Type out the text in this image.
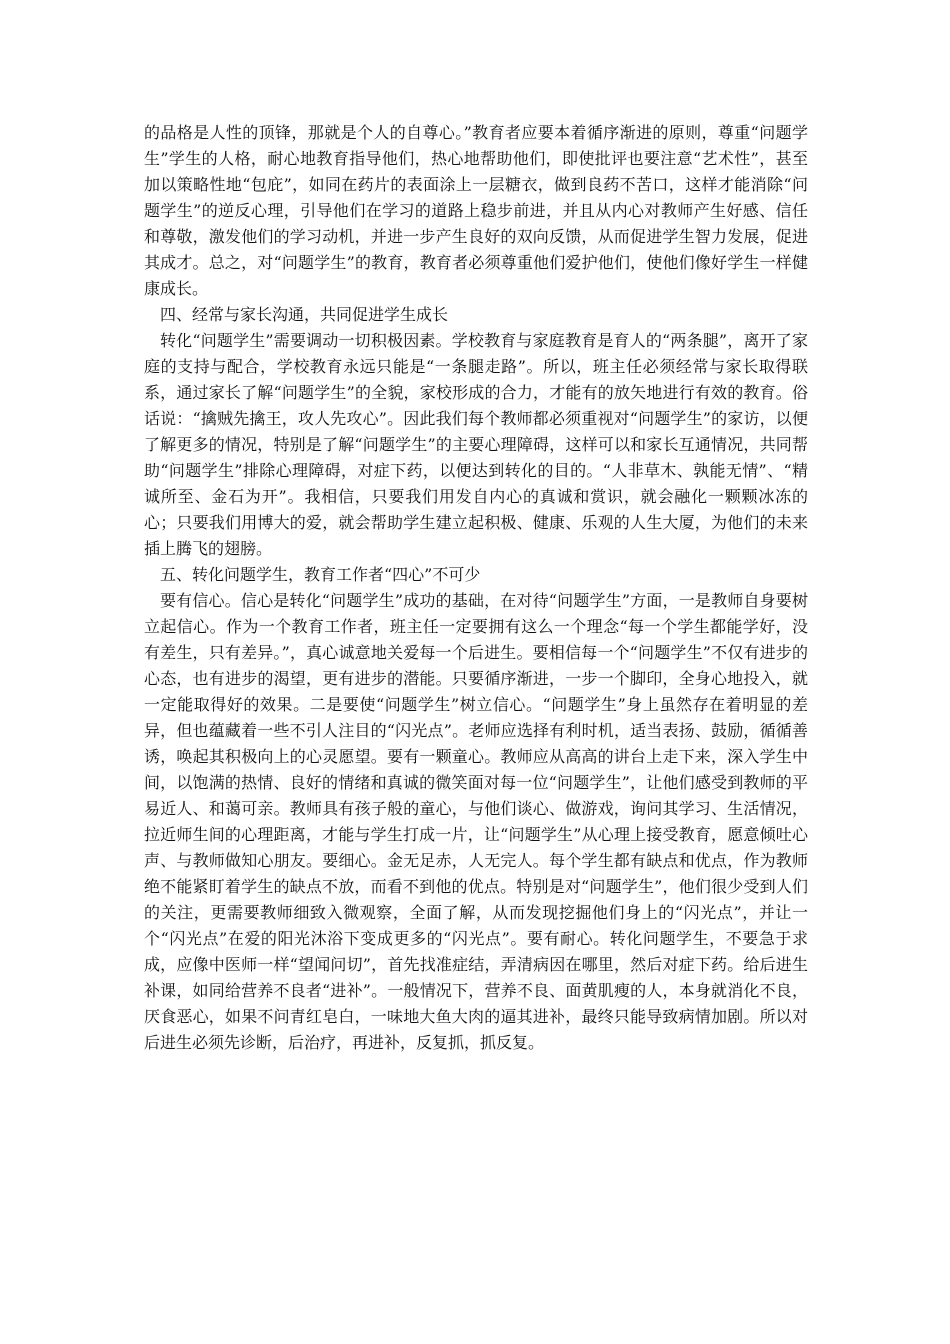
的品格是人性的顶锋，那就是个人的自尊心。”教育者应要本着循序渐进的原则，尊重“问题学生”学生的人格，耐心地教育指导他们，热心地帮助他们，即使批评也要注意“艺术性”，甚至加以策略性地“包庇”，如同在药片的表面涂上一层糖衣，做到良药不苦口，这样才能消除“问题学生”的逆反心理，引导他们在学习的道路上稳步前进，并且从内心对教师产生好感、信任和尊敬，激发他们的学习动机，并进一步产生良好的双向反馈，从而促进学生智力发展，促进其成才。总之，对“问题学生”的教育，教育者必须尊重他们爱护他们，使他们像好学生一样健康成长。

四、经常与家长沟通，共同促进学生成长

转化“问题学生”需要调动一切积极因素。学校教育与家庭教育是育人的“两条腿”，离开了家庭的支持与配合，学校教育永远只能是“一条腿走路”。所以，班主任必须经常与家长取得联系，通过家长了解“问题学生”的全貌，家校形成的合力，才能有的放矢地进行有效的教育。俗话说：“擒贼先擒王，攻人先攻心”。因此我们每个教师都必须重视对“问题学生”的家访，以便了解更多的情况，特别是了解“问题学生”的主要心理障碍，这样可以和家长互通情况，共同帮助“问题学生”排除心理障碍，对症下药，以便达到转化的目的。“人非草木、孰能无情”、“精诚所至、金石为开”。我相信，只要我们用发自内心的真诚和赏识，就会融化一颗颗冰冻的心；只要我们用博大的爱，就会帮助学生建立起积极、健康、乐观的人生大厦，为他们的未来插上腾飞的翅膀。

五、转化问题学生，教育工作者“四心”不可少

要有信心。信心是转化“问题学生”成功的基础，在对待“问题学生”方面，一是教师自身要树立起信心。作为一个教育工作者，班主任一定要拥有这么一个理念“每一个学生都能学好，没有差生，只有差异。”，真心诚意地关爱每一个后进生。要相信每一个“问题学生”不仅有进步的心态，也有进步的渴望，更有进步的潜能。只要循序渐进，一步一个脚印，全身心地投入，就一定能取得好的效果。二是要使“问题学生”树立信心。“问题学生”身上虽然存在着明显的差异，但也蕴藏着一些不引人注目的“闪光点”。老师应选择有利时机，适当表扬、鼓励，循循善诱，唤起其积极向上的心灵愿望。要有一颗童心。教师应从高高的讲台上走下来，深入学生中间，以饱满的热情、良好的情绪和真诚的微笑面对每一位“问题学生”，让他们感受到教师的平易近人、和蔼可亲。教师具有孩子般的童心，与他们谈心、做游戏，询问其学习、生活情况，拉近师生间的心理距离，才能与学生打成一片，让“问题学生”从心理上接受教育，愿意倾吐心声、与教师做知心朋友。要细心。金无足赤，人无完人。每个学生都有缺点和优点，作为教师绝不能紧盯着学生的缺点不放，而看不到他的优点。特别是对“问题学生”，他们很少受到人们的关注，更需要教师细致入微观察，全面了解，从而发现挖掘他们身上的“闪光点”，并让一个“闪光点”在爱的阳光沐浴下变成更多的“闪光点”。要有耐心。转化问题学生，不要急于求成，应像中医师一样“望闻问切”，首先找准症结，弄清病因在哪里，然后对症下药。给后进生补课，如同给营养不良者“进补”。一般情况下，营养不良、面黄肌瘦的人，本身就消化不良，厌食恶心，如果不问青红皂白，一味地大鱼大肉的逼其进补，最终只能导致病情加剧。所以对后进生必须先诊断，后治疗，再进补，反复抓，抓反复。
